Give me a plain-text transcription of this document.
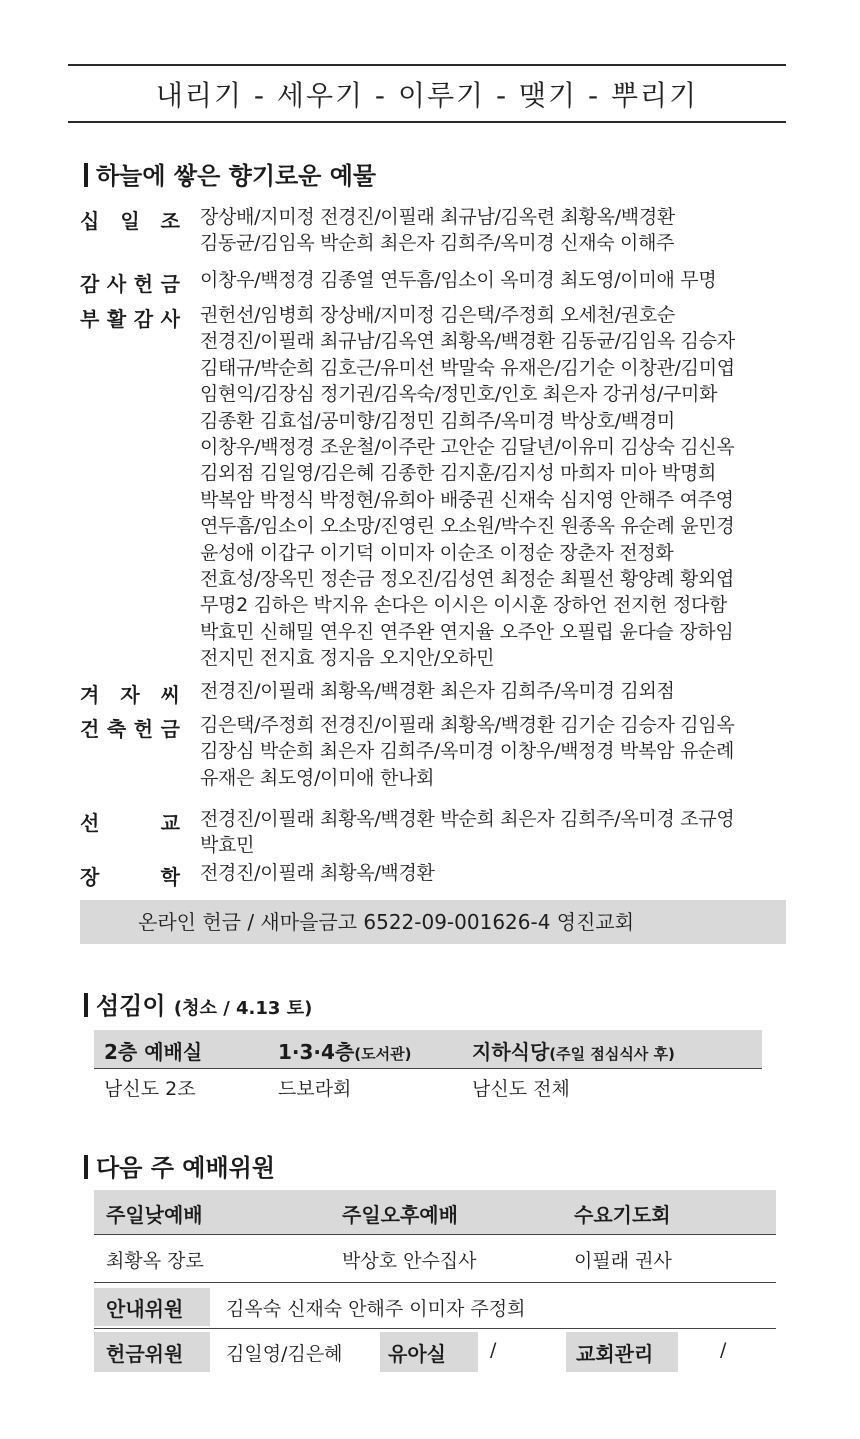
내리기 - 세우기 - 이루기 - 맺기 - 뿌리기
하늘에 쌓은 향기로운 예물
십 일 조 장상배/지미정 전경진/이필래 최규남/김옥련 최황옥/백경환
김동균/김임옥 박순희 최은자 김희주/옥미경 신재숙 이해주
감 사 헌 금 이창우/백정경 김종열 연두흠/임소이 옥미경 최도영/이미애 무명
부 활 감 사 권헌선/임병희 장상배/지미정 김은택/주정희 오세천/권호순
전경진/이필래 최규남/김옥연 최황옥/백경환 김동균/김임옥 김승자
김태규/박순희 김호근/유미선 박말숙 유재은/김기순 이창관/김미엽
임현익/김장심 정기권/김옥숙/정민호/인호 최은자 강귀성/구미화
김종환 김효섭/공미향/김정민 김희주/옥미경 박상호/백경미
이창우/백정경 조운철/이주란 고안순 김달년/이유미 김상숙 김신옥
김외점 김일영/김은혜 김종한 김지훈/김지성 마희자 미아 박명희
박복암 박정식 박정현/유희아 배중권 신재숙 심지영 안해주 여주영
연두흠/임소이 오소망/진영린 오소원/박수진 원종옥 유순례 윤민경
윤성애 이갑구 이기덕 이미자 이순조 이정순 장춘자 전정화
전효성/장옥민 정손금 정오진/김성연 최정순 최필선 황양례 황외엽
무명2 김하은 박지유 손다은 이시은 이시훈 장하언 전지헌 정다함
박효민 신해밀 연우진 연주완 연지율 오주안 오필립 윤다슬 장하임
전지민 전지효 정지음 오지안/오하민
겨 자 씨 전경진/이필래 최황옥/백경환 최은자 김희주/옥미경 김외점
건 축 헌 금 김은택/주정희 전경진/이필래 최황옥/백경환 김기순 김승자 김임옥
김장심 박순희 최은자 김희주/옥미경 이창우/백정경 박복암 유순례
유재은 최도영/이미애 한나회
선	교 전경진/이필래 최황옥/백경환 박순희 최은자 김희주/옥미경 조규영
박효민
장	학 전경진/이필래 최황옥/백경환
온라인 헌금 / 새마을금고 6522-09-001626-4 영진교회
섬김이 (청소 / 4.13 토)
2층 예배실	1·3·4층(도서관)	지하식당(주일 점심식사 후)
남신도 2조	드보라회	남신도 전체
다음 주 예배위원
주일낮예배	주일오후예배	수요기도회
최황옥 장로	박상호 안수집사	이필래 권사
안내위원 김옥숙 신재숙 안해주 이미자 주정희
헌금위원 김일영/김은혜 유아실 /	교회관리	/
